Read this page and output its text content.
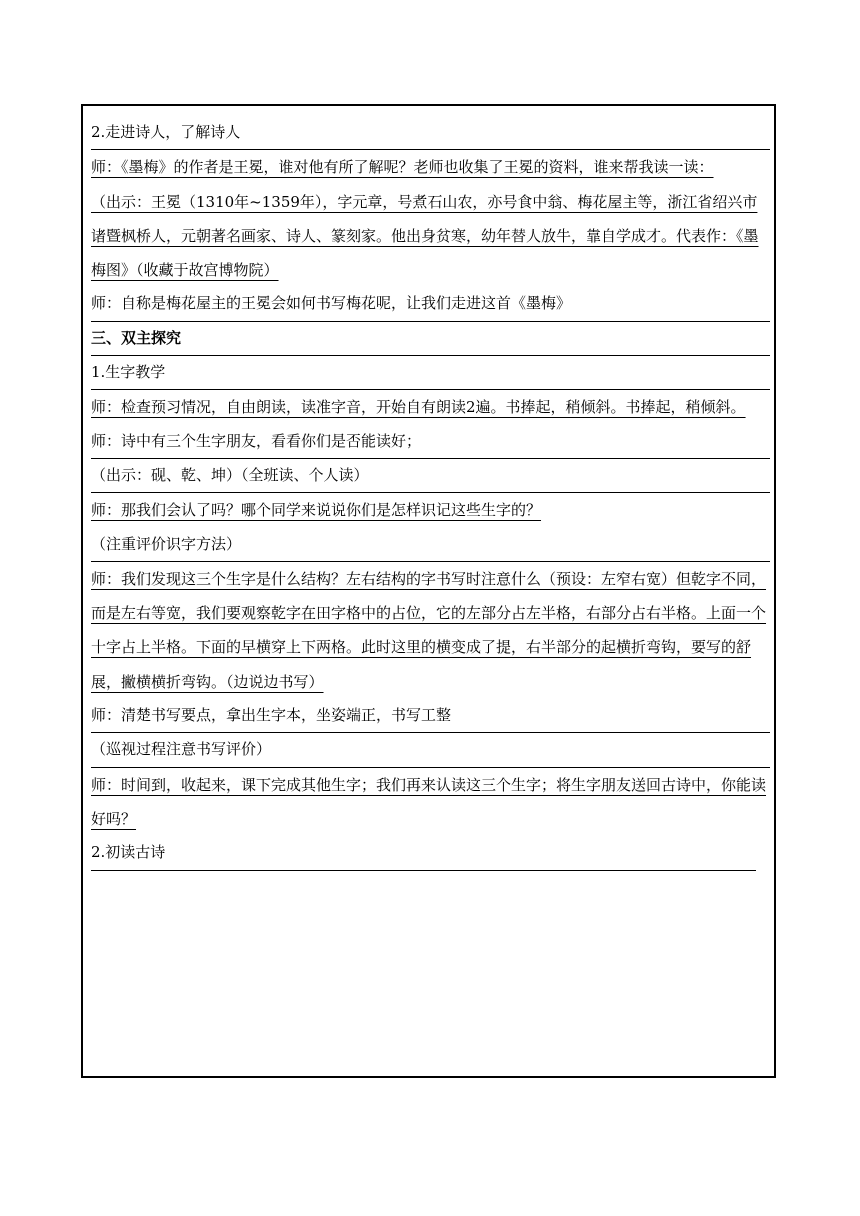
2.走进诗人，了解诗人

师：《墨梅》的作者是王冕，谁对他有所了解呢？老师也收集了王冕的资料，谁来帮我读一读：

（出示：王冕（1310年~1359年），字元章，号煮石山农，亦号食中翁、梅花屋主等，浙江省绍兴市诸暨枫桥人，元朝著名画家、诗人、篆刻家。他出身贫寒，幼年替人放牛，靠自学成才。代表作：《墨梅图》（收藏于故宫博物院）

师：自称是梅花屋主的王冕会如何书写梅花呢，让我们走进这首《墨梅》
三、双主探究
1.生字教学

师：检查预习情况，自由朗读，读准字音，开始自有朗读2遍。书捧起，稍倾斜。书捧起，稍倾斜。

师：诗中有三个生字朋友，看看你们是否能读好；
（出示：砚、乾、坤）（全班读、个人读）
师：那我们会认了吗？哪个同学来说说你们是怎样识记这些生字的？
（注重评价识字方法）

师：我们发现这三个生字是什么结构？左右结构的字书写时注意什么（预设：左窄右宽）但乾字不同，而是左右等宽，我们要观察乾字在田字格中的占位，它的左部分占左半格，右部分占右半格。上面一个十字占上半格。下面的早横穿上下两格。此时这里的横变成了提，右半部分的起横折弯钩，要写的舒展，撇横横折弯钩。（边说边书写）

师：清楚书写要点，拿出生字本，坐姿端正，书写工整
（巡视过程注意书写评价）

师：时间到，收起来，课下完成其他生字；我们再来认读这三个生字；将生字朋友送回古诗中，你能读好吗？

2.初读古诗
